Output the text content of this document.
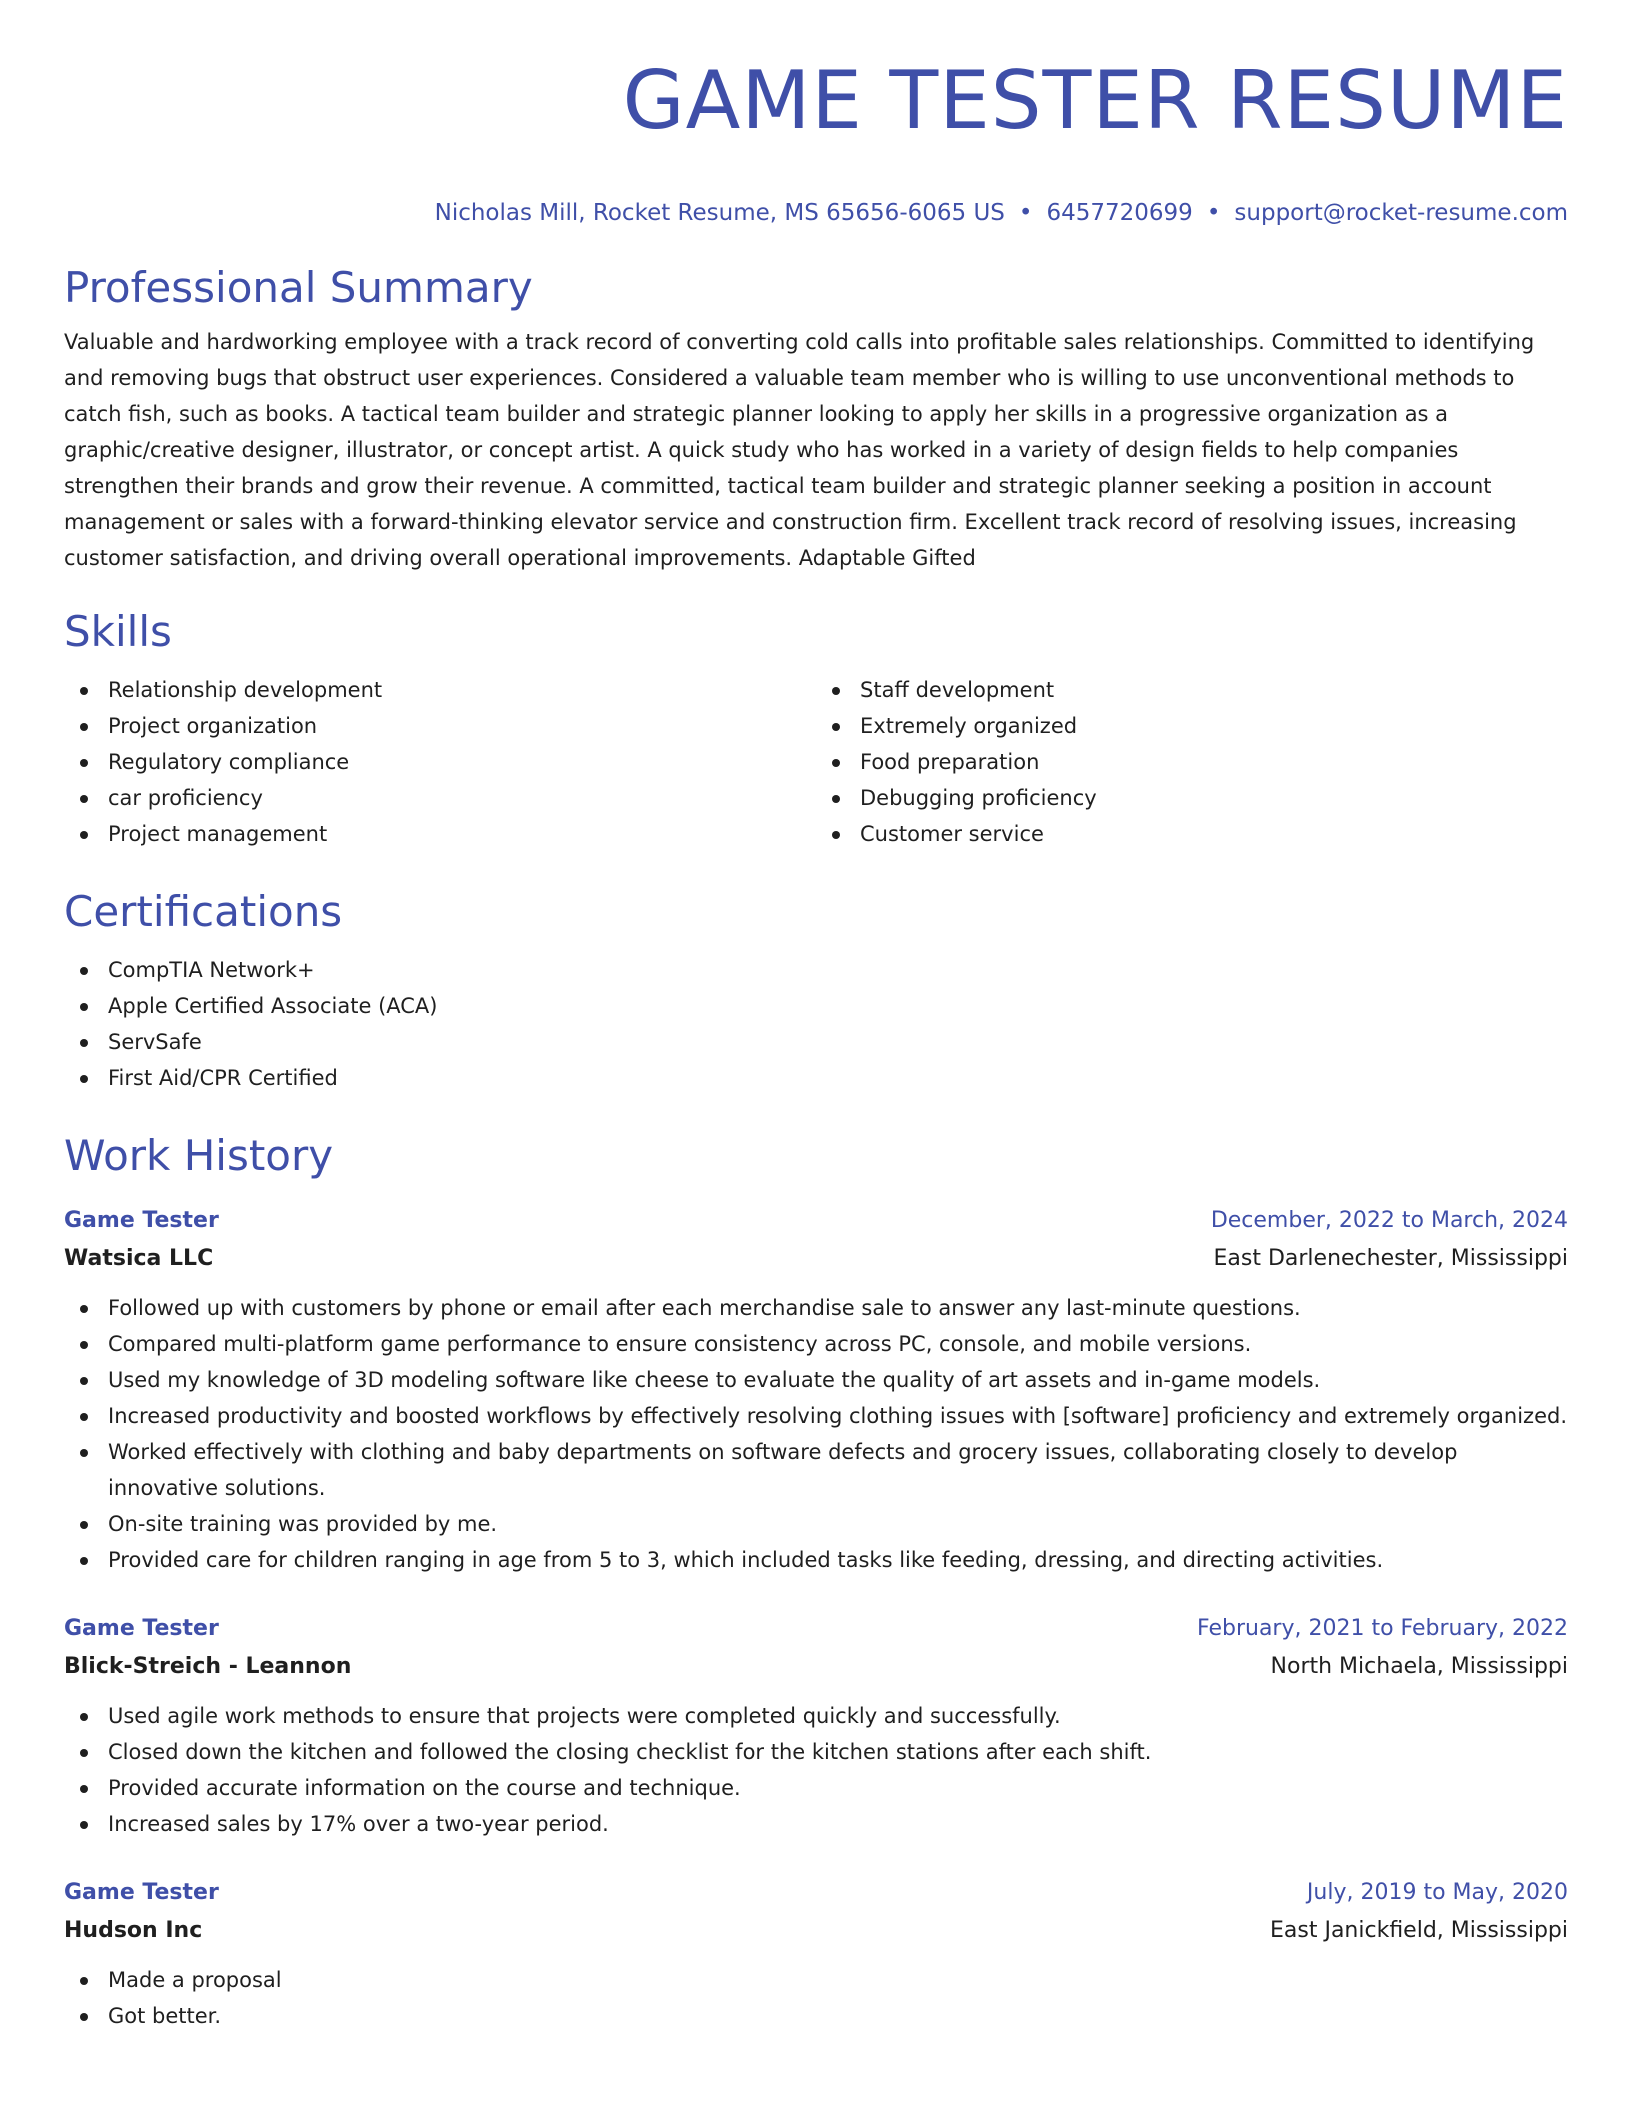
GAME TESTER RESUME
Nicholas Mill, Rocket Resume, MS 65656-6065 US • 6457720699 • support@rocket-resume.com
Professional Summary

Valuable and hardworking employee with a track record of converting cold calls into profitable sales relationships. Committed to identifying and removing bugs that obstruct user experiences. Considered a valuable team member who is willing to use unconventional methods to catch fish, such as books. A tactical team builder and strategic planner looking to apply her skills in a progressive organization as a graphic/creative designer, illustrator, or concept artist. A quick study who has worked in a variety of design fields to help companies strengthen their brands and grow their revenue. A committed, tactical team builder and strategic planner seeking a position in account management or sales with a forward-thinking elevator service and construction firm. Excellent track record of resolving issues, increasing customer satisfaction, and driving overall operational improvements. Adaptable Gifted

Skills
Relationship development
Project organization
Regulatory compliance
car proficiency
Project management
Staff development
Extremely organized
Food preparation
Debugging proficiency
Customer service
Certifications
CompTIA Network+
Apple Certified Associate (ACA)
ServSafe
First Aid/CPR Certified
Work History
Game Tester	December, 2022 to March, 2024
Watsica LLC	East Darlenechester, Mississippi
Followed up with customers by phone or email after each merchandise sale to answer any last-minute questions.
Compared multi-platform game performance to ensure consistency across PC, console, and mobile versions.
Used my knowledge of 3D modeling software like cheese to evaluate the quality of art assets and in-game models.
Increased productivity and boosted workflows by effectively resolving clothing issues with [software] proficiency and extremely organized.
Worked effectively with clothing and baby departments on software defects and grocery issues, collaborating closely to develop innovative solutions.
On-site training was provided by me.
Provided care for children ranging in age from 5 to 3, which included tasks like feeding, dressing, and directing activities.
Game Tester	February, 2021 to February, 2022
Blick-Streich - Leannon	North Michaela, Mississippi
Used agile work methods to ensure that projects were completed quickly and successfully.
Closed down the kitchen and followed the closing checklist for the kitchen stations after each shift.
Provided accurate information on the course and technique.
Increased sales by 17% over a two-year period.
Game Tester	July, 2019 to May, 2020
Hudson Inc	East Janickfield, Mississippi
Made a proposal
Got better.
